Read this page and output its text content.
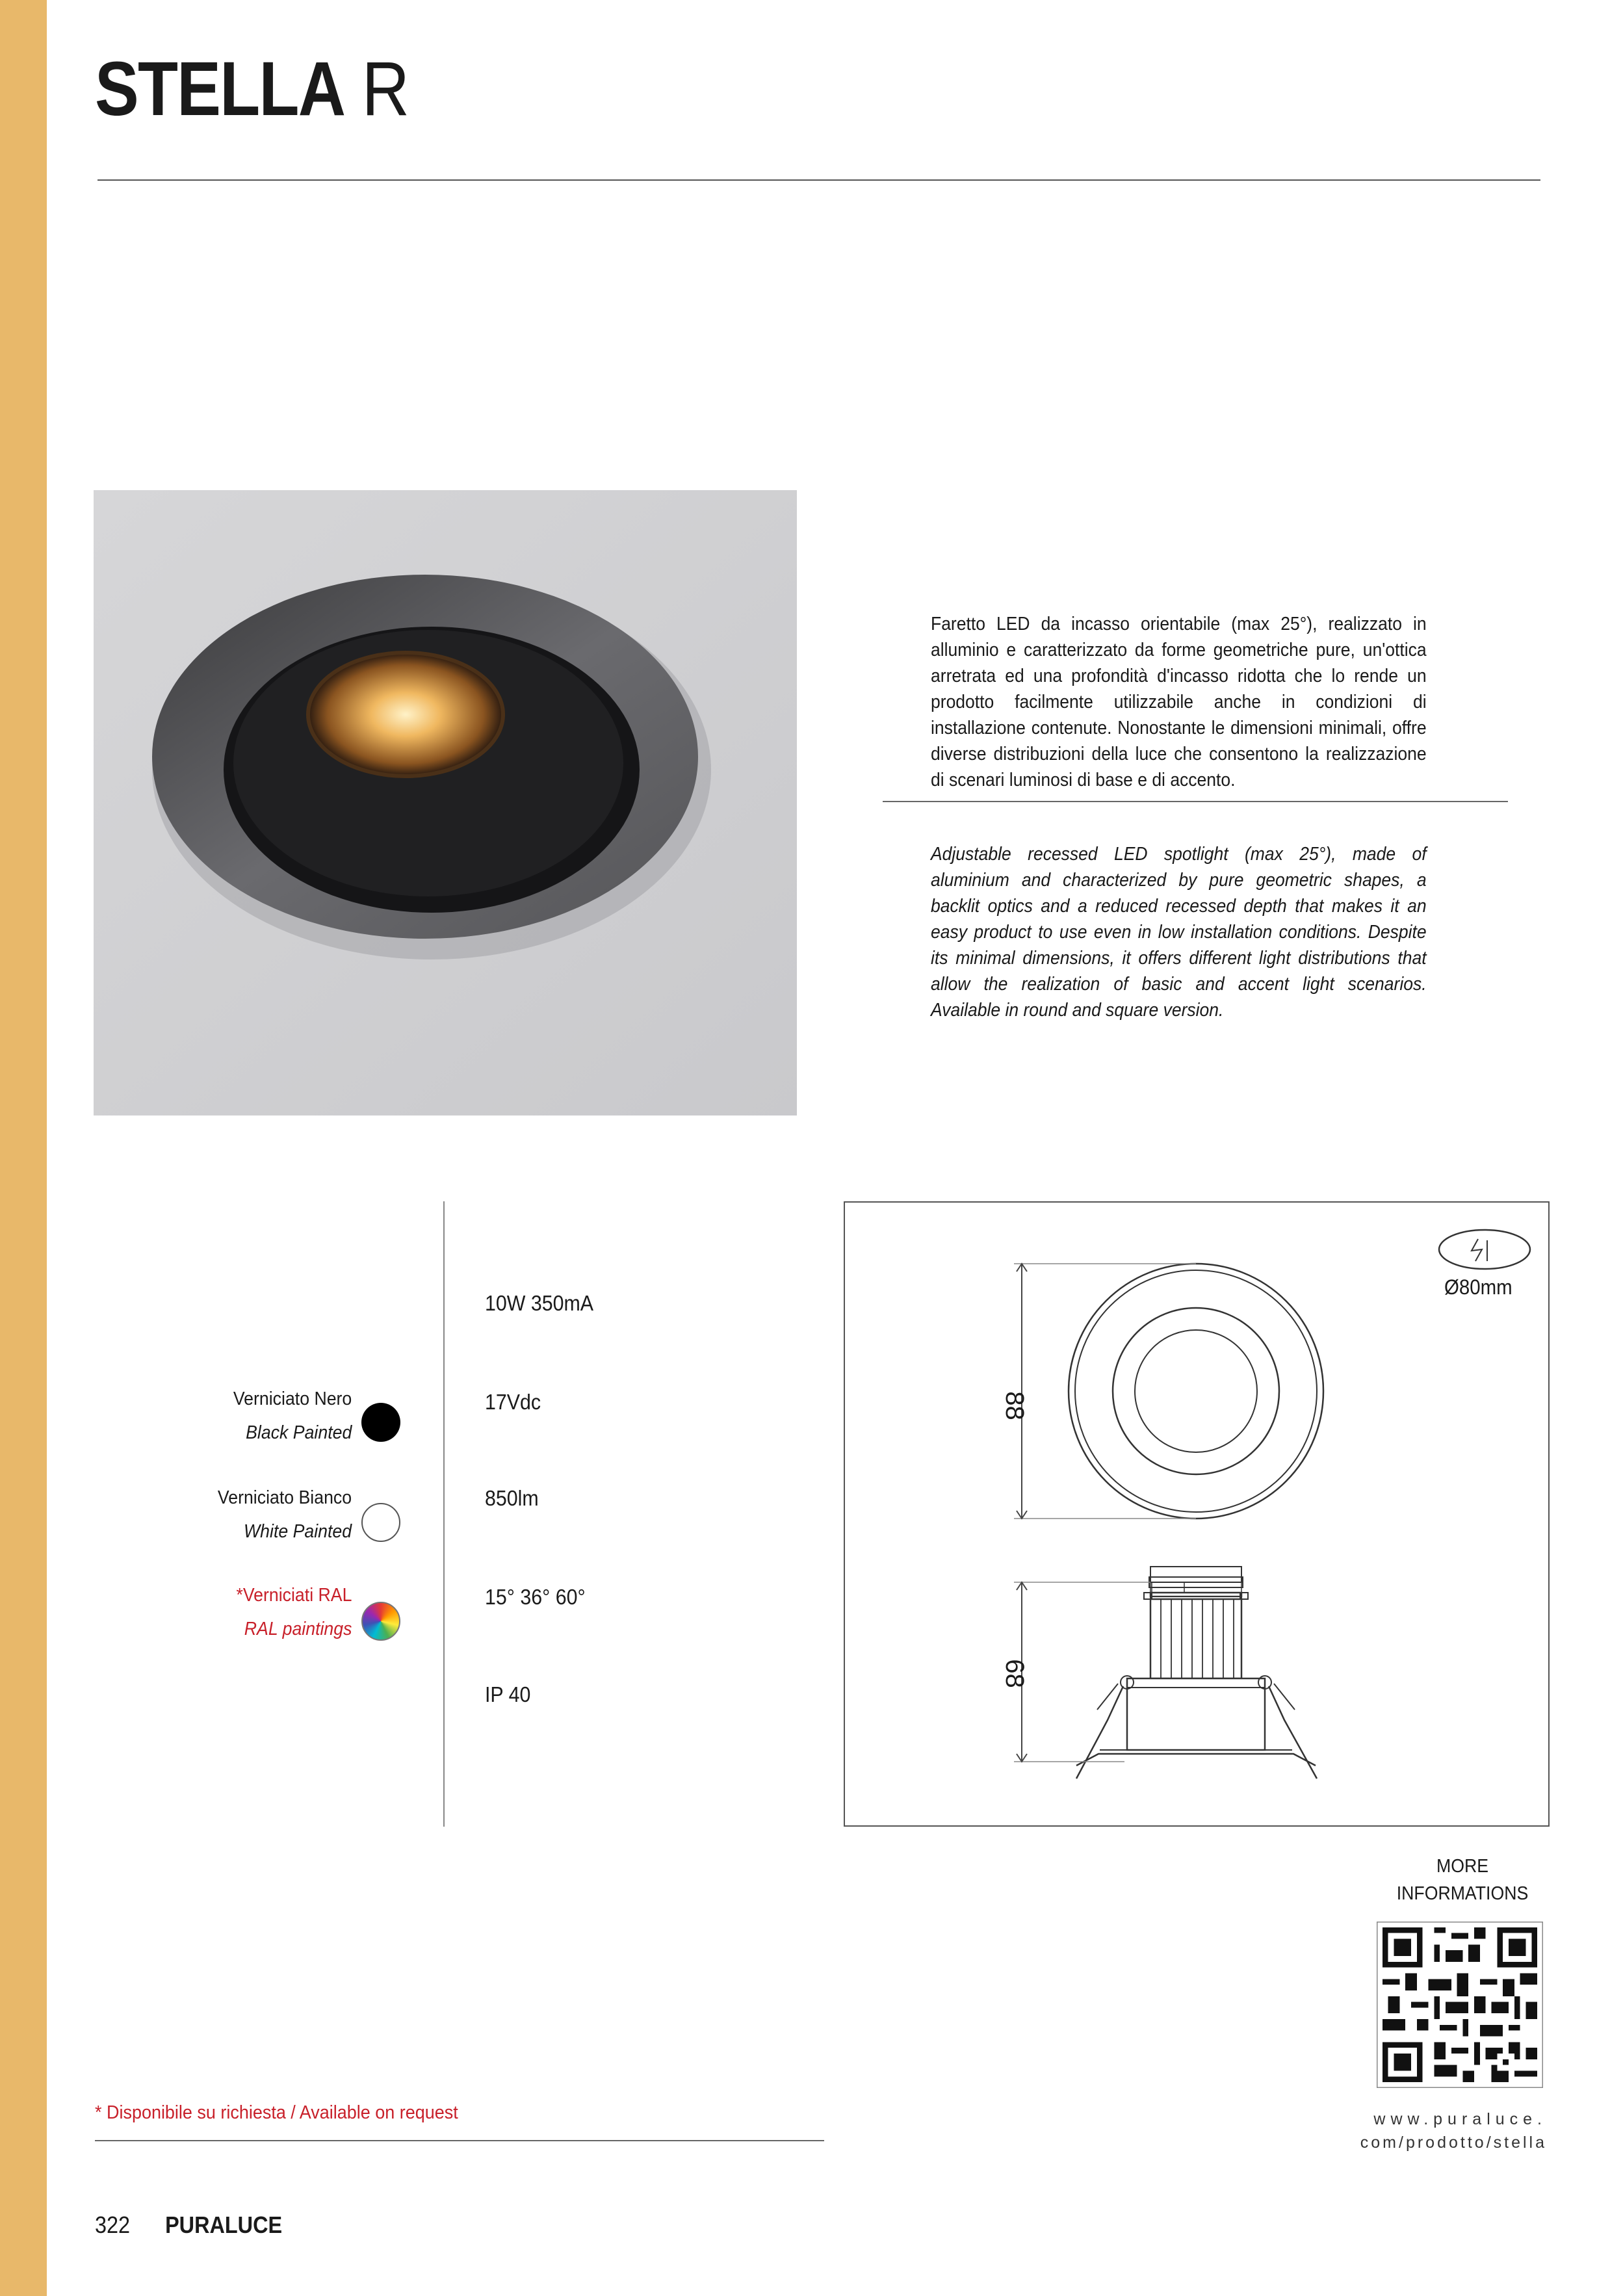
STELLA R
Faretto LED da incasso orientabile (max 25°), realizzato in alluminio e caratterizzato da forme geometriche pure, un'ottica arretrata ed una profondità d'incasso ridotta che lo rende un prodotto facilmente utilizzabile anche in condizioni di installazione contenute. Nonostante le dimensioni minimali, offre diverse distribuzioni della luce che consentono la realizzazione di scenari luminosi di base e di accento.
Adjustable recessed LED spotlight (max 25°), made of aluminium and characterized by pure geometric shapes, a backlit optics and a reduced recessed depth that makes it an easy product to use even in low installation conditions. Despite its minimal dimensions, it offers different light distributions that allow the realization of basic and accent light scenarios. Available in round and square version.
Verniciato Nero
Black Painted
Verniciato Bianco
White Painted
*Verniciati RAL
RAL paintings
10W 350mA
17Vdc
850lm
15° 36° 60°
IP 40
Ø80mm
88
68
MORE
INFORMATIONS
www.puraluce.
com/prodotto/stella
* Disponibile su richiesta / Available on request
322 PURALUCE
